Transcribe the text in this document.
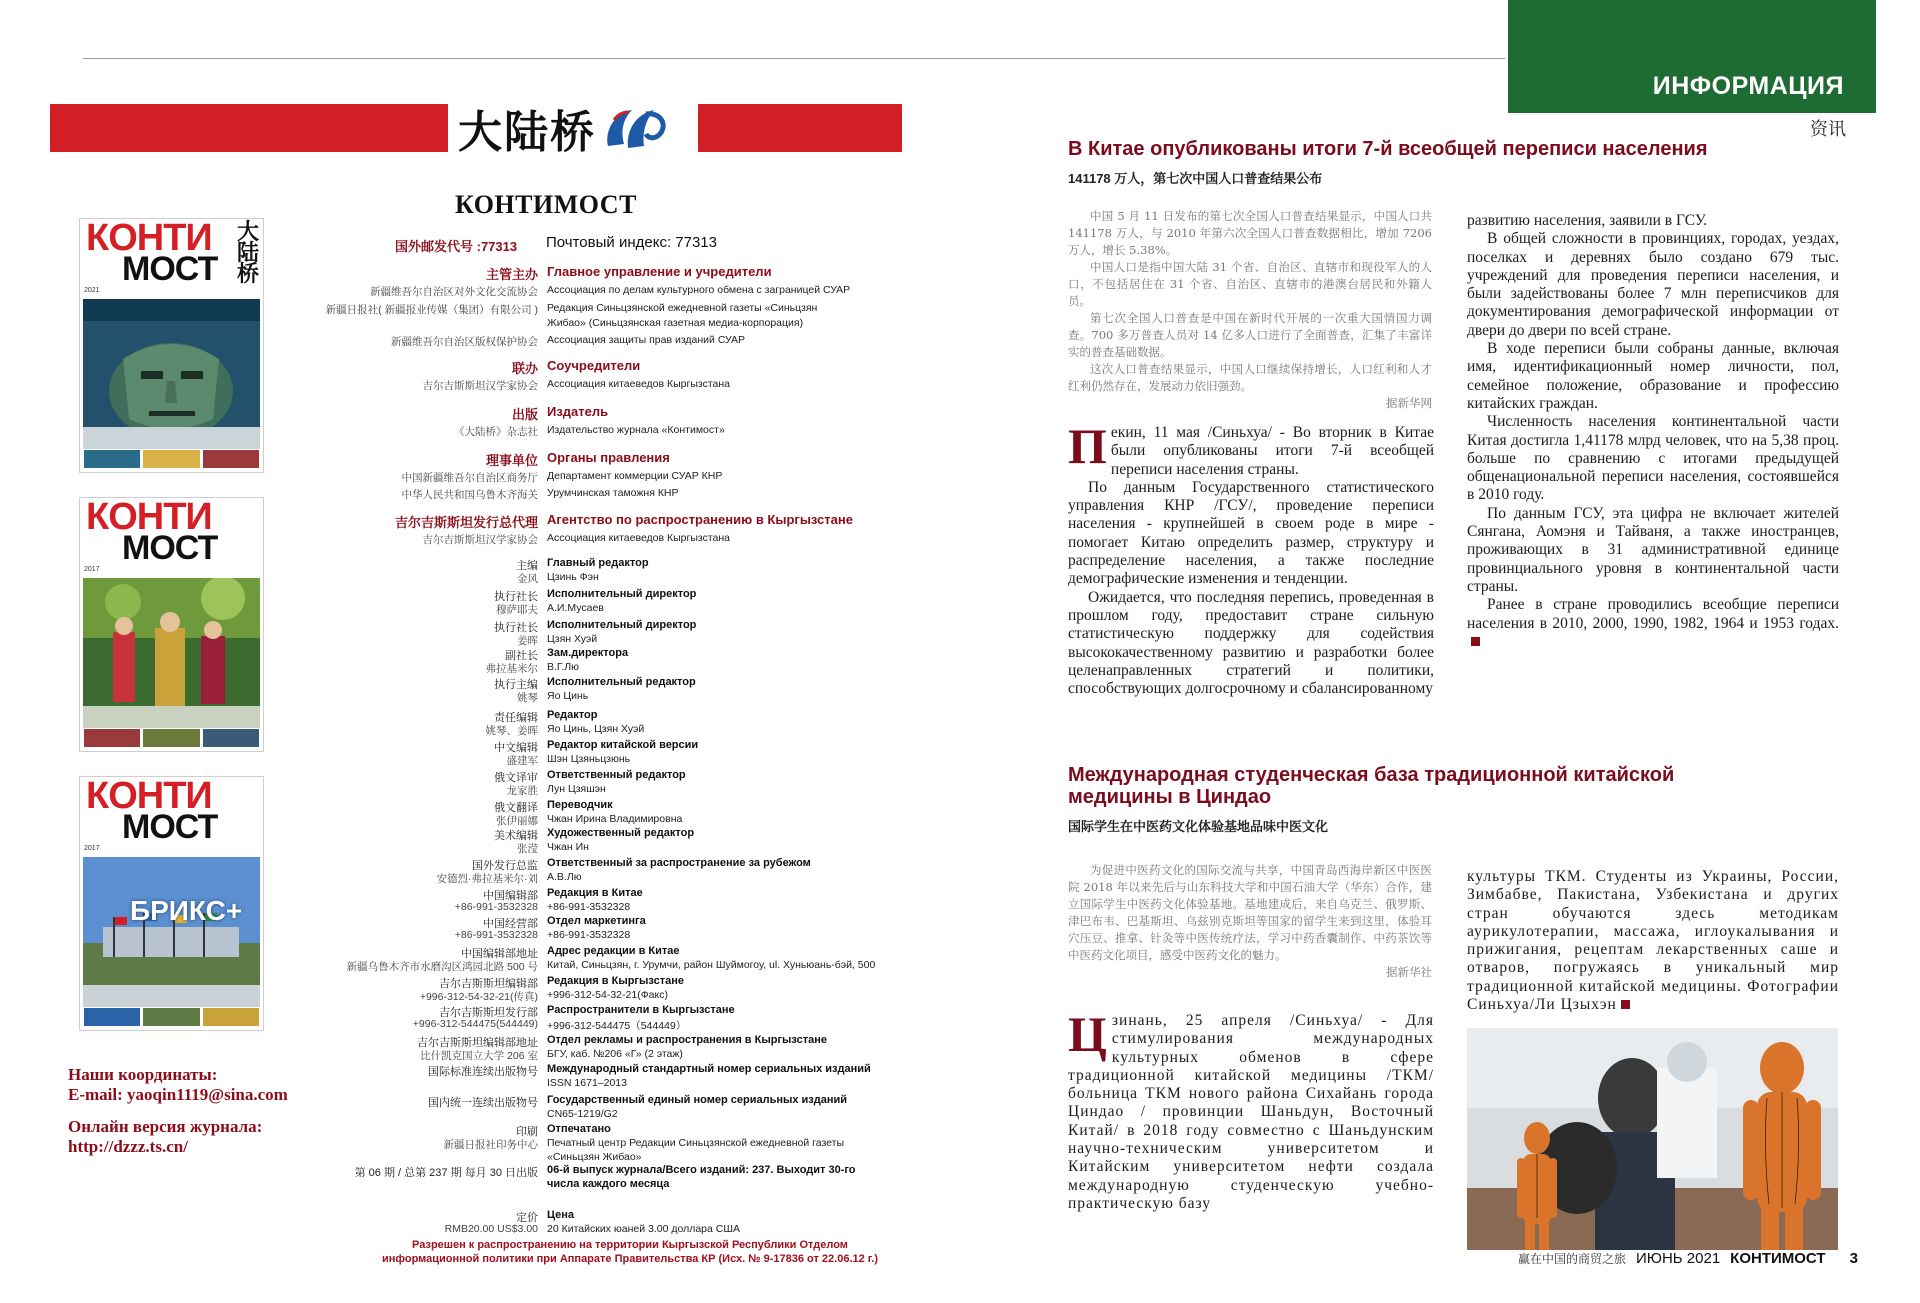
ИНФОРМАЦИЯ
资讯
大陆桥
КОНТИМОСТ
КОНТИ
МОСТ
大陆桥
2021
КОНТИ
МОСТ
2017
КОНТИ
МОСТ
БРИКС+
2017
Наши координаты:
E-mail: yaoqin1119@sina.com
Онлайн версия журнала:
http://dzzz.ts.cn/
国外邮发代号 :77313 Почтовый индекс: 77313
主管主办 Главное управление и учредители
新疆维吾尔自治区对外文化交流协会 Ассоциация по делам культурного обмена с заграницей СУАР
新疆日报社( 新疆报业传媒（集团）有限公司 ) Редакция Синьцзянской ежедневной газеты «Синьцзян
Жибао» (Синьцзянская газетная медиа-корпорация)
新疆维吾尔自治区版权保护协会 Ассоциация защиты прав изданий СУАР
联办 Соучредители
吉尔吉斯斯坦汉学家协会 Ассоциация китаеведов Кыргызстана
出版 Издатель
《大陆桥》杂志社 Издательство журнала «Контимост»
理事单位 Органы правления
中国新疆维吾尔自治区商务厅 Департамент коммерции СУАР КНР
中华人民共和国乌鲁木齐海关 Урумчинская таможня КНР
吉尔吉斯斯坦发行总代理 Агентство по распространению в Кыргызстане
吉尔吉斯斯坦汉学家协会 Ассоциация китаеведов Кыргызстана
主编 Главный редактор
金风 Цзинь Фэн
执行社长 Исполнительный директор
穆萨耶夫 А.И.Мусаев
执行社长 Исполнительный директор
姜晖 Цзян Хуэй
副社长 Зам.директора
弗拉基米尔 В.Г.Лю
执行主编 Исполнительный редактор
姚琴 Яо Цинь
责任编辑 Редактор
姚琴、姜晖 Яо Цинь, Цзян Хуэй
中文编辑 Редактор китайской версии
盛建军 Шэн Цзяньцзюнь
俄文译审 Ответственный редактор
龙家胜 Лун Цзяшэн
俄文翻译 Переводчик
张伊丽娜 Чжан Ирина Владимировна
美术编辑 Художественный редактор
张滢 Чжан Ин
国外发行总监 Ответственный за распространение за рубежом
安德烈·弗拉基米尔·刘 А.В.Лю
中国编辑部 Редакция в Китае
+86-991-3532328 +86-991-3532328
中国经营部 Отдел маркетинга
+86-991-3532328 +86-991-3532328
中国编辑部地址 Адрес редакции в Китае
新疆乌鲁木齐市水磨沟区鸿园北路 500 号 Китай, Синьцзян, г. Урумчи, район Шуймогоу, ul. Хуньюань-бэй, 500
吉尔吉斯斯坦编辑部 Редакция в Кыргызстане
+996-312-54-32-21(传真) +996-312-54-32-21(Факс)
吉尔吉斯斯坦发行部 Распространители в Кыргызстане
+996-312-544475(544449) +996-312-544475（544449）
吉尔吉斯斯坦编辑部地址 Отдел рекламы и распространения в Кыргызстане
比什凯克国立大学 206 室 БГУ, каб. №206 «Г» (2 этаж)
国际标准连续出版物号 Международный стандартный номер сериальных изданий
ISSN 1671–2013
国内统一连续出版物号 Государственный единый номер сериальных изданий
CN65-1219/G2
印刷 Отпечатано
新疆日报社印务中心 Печатный центр Редакции Синьцзянской ежедневной газеты
«Синьцзян Жибао»
第 06 期 / 总第 237 期 每月 30 日出版 06-й выпуск журнала/Всего изданий: 237. Выходит 30-го
числа каждого месяца
定价 Цена
RMB20.00 US$3.00 20 Китайских юаней 3.00 доллара США
Разрешен к распространению на территории Кыргызской Республики Отделом
информационной политики при Аппарате Правительства КР (Исх. № 9-17836 от 22.06.12 г.)
В Китае опубликованы итоги 7-й всеобщей переписи населения
141178 万人，第七次中国人口普查结果公布

中国 5 月 11 日发布的第七次全国人口普查结果显示，中国人口共 141178 万人，与 2010 年第六次全国人口普查数据相比，增加 7206 万人，增长 5.38%。

中国人口是指中国大陆 31 个省、自治区、直辖市和现役军人的人口，不包括居住在 31 个省、自治区、直辖市的港澳台居民和外籍人员。

第七次全国人口普查是中国在新时代开展的一次重大国情国力调查。700 多万普查人员对 14 亿多人口进行了全面普查，汇集了丰富详实的普查基础数据。

这次人口普查结果显示，中国人口继续保持增长，人口红利和人才红利仍然存在，发展动力依旧强劲。

据新华网

Пекин, 11 мая /Синьхуа/ - Во вторник в Китае были опубликованы итоги 7-й всеобщей переписи населения страны.

По данным Государственного статистического управления КНР /ГСУ/, проведение переписи населения - крупнейшей в своем роде в мире - помогает Китаю определить размер, структуру и распределение населения, а также последние демографические изменения и тенденции.

Ожидается, что последняя перепись, проведенная в прошлом году, предоставит стране сильную статистическую поддержку для содействия высококачественному развитию и разработки более целенаправленных стратегий и политики, способствующих долгосрочному и сбалансированному

развитию населения, заявили в ГСУ.

В общей сложности в провинциях, городах, уездах, поселках и деревнях было создано 679 тыс. учреждений для проведения переписи населения, и были задействованы более 7 млн переписчиков для документирования демографической информации от двери до двери по всей стране.

В ходе переписи были собраны данные, включая имя, идентификационный номер личности, пол, семейное положение, образование и профессию китайских граждан.

Численность населения континентальной части Китая достигла 1,41178 млрд человек, что на 5,38 проц. больше по сравнению с итогами предыдущей общенациональной переписи населения, состоявшейся в 2010 году.

По данным ГСУ, эта цифра не включает жителей Сянгана, Аомэня и Тайваня, а также иностранцев, проживающих в 31 административной единице провинциального уровня в континентальной части страны.

Ранее в стране проводились всеобщие переписи населения в 2010, 2000, 1990, 1982, 1964 и 1953 годах.

Международная студенческая база традиционной китайской
медицины в Циндао
国际学生在中医药文化体验基地品味中医文化

为促进中医药文化的国际交流与共享，中国青岛西海岸新区中医医院 2018 年以来先后与山东科技大学和中国石油大学（华东）合作，建立国际学生中医药文化体验基地。基地建成后，来自乌克兰、俄罗斯、津巴布韦、巴基斯坦、乌兹别克斯坦等国家的留学生来到这里，体验耳穴压豆、推拿、针灸等中医传统疗法，学习中药香囊制作、中药茶饮等中医药文化项目，感受中医药文化的魅力。

据新华社

Цзинань, 25 апреля /Синьхуа/ - Для стимулирования международных культурных обменов в сфере традиционной китайской медицины /ТКМ/ больница ТКМ нового района Сихайань города Циндао / провинции Шаньдун, Восточный Китай/ в 2018 году совместно с Шаньдунским научно-техническим университетом и Китайским университетом нефти создала международную студенческую учебно-практическую базу

культуры ТКМ. Студенты из Украины, России, Зимбабве, Пакистана, Узбекистана и других стран обучаются здесь методикам аурикулотерапии, массажа, иглоукалывания и прижигания, рецептам лекарственных саше и отваров, погружаясь в уникальный мир традиционной китайской медицины. Фотографии Синьхуа/Ли Цзыхэн

赢在中国的商贸之旅 ИЮНЬ 2021 КОНТИМОСТ 3
